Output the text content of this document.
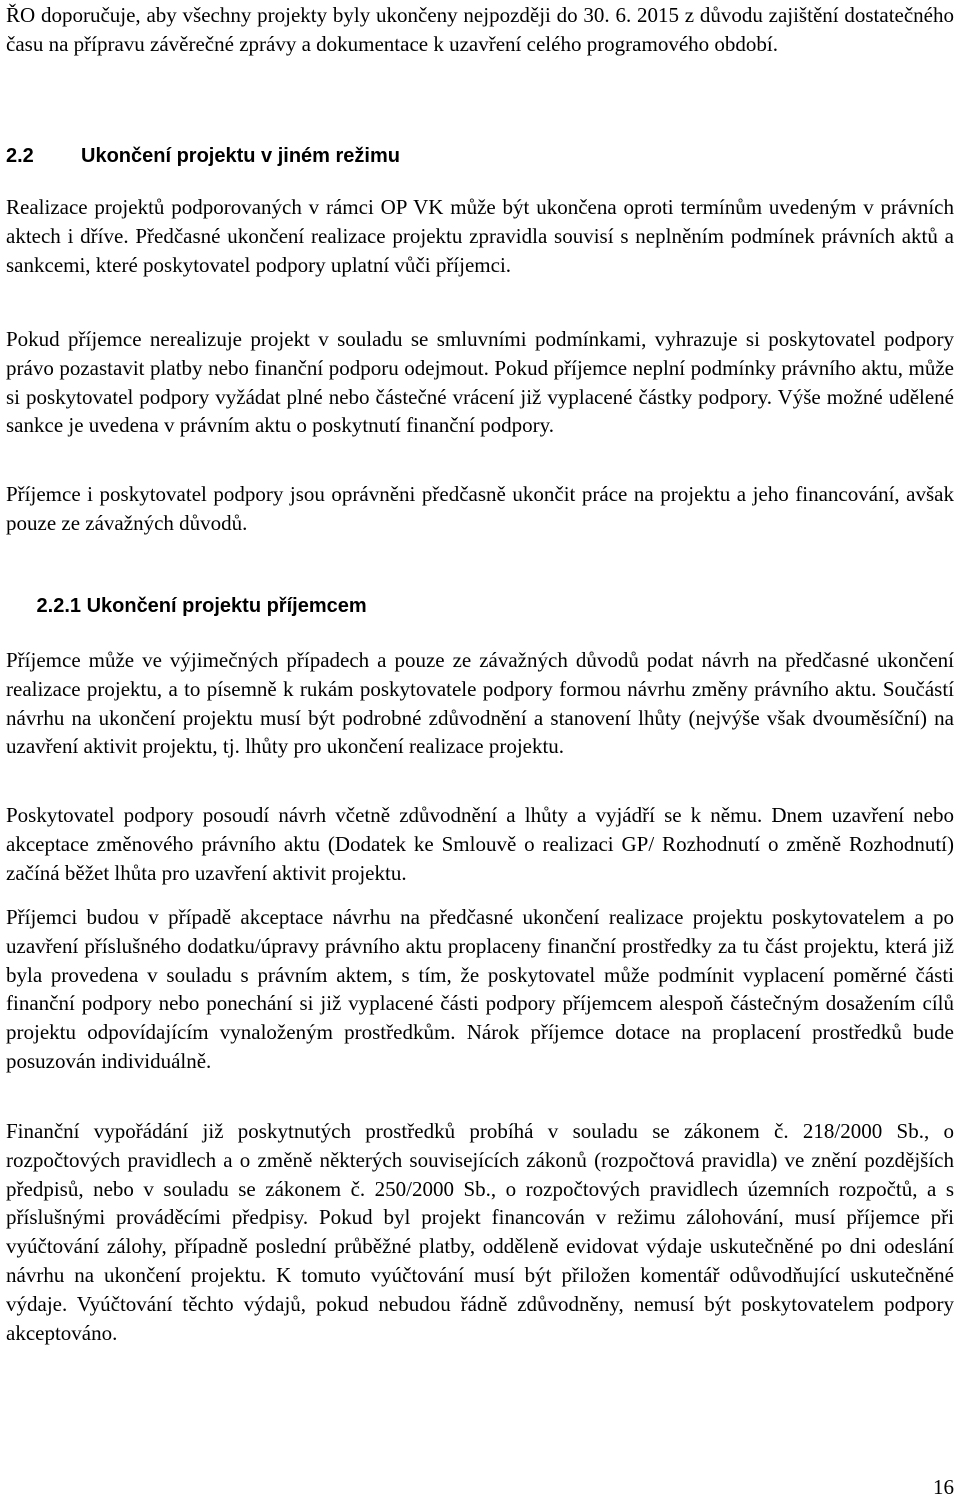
ŘO doporučuje, aby všechny projekty byly ukončeny nejpozději do 30. 6. 2015 z důvodu zajištění dostatečného času na přípravu závěrečné zprávy a dokumentace k uzavření celého programového období.

2.2 Ukončení projektu v jiném režimu

Realizace projektů podporovaných v rámci OP VK může být ukončena oproti termínům uvedeným v právních aktech i dříve. Předčasné ukončení realizace projektu zpravidla souvisí s neplněním podmínek právních aktů a sankcemi, které poskytovatel podpory uplatní vůči příjemci.

Pokud příjemce nerealizuje projekt v souladu se smluvními podmínkami, vyhrazuje si poskytovatel podpory právo pozastavit platby nebo finanční podporu odejmout. Pokud příjemce neplní podmínky právního aktu, může si poskytovatel podpory vyžádat plné nebo částečné vrácení již vyplacené částky podpory. Výše možné udělené sankce je uvedena v právním aktu o poskytnutí finanční podpory.

Příjemce i poskytovatel podpory jsou oprávněni předčasně ukončit práce na projektu a jeho financování, avšak pouze ze závažných důvodů.

2.2.1 Ukončení projektu příjemcem

Příjemce může ve výjimečných případech a pouze ze závažných důvodů podat návrh na předčasné ukončení realizace projektu, a to písemně k rukám poskytovatele podpory formou návrhu změny právního aktu. Součástí návrhu na ukončení projektu musí být podrobné zdůvodnění a stanovení lhůty (nejvýše však dvouměsíční) na uzavření aktivit projektu, tj. lhůty pro ukončení realizace projektu.

Poskytovatel podpory posoudí návrh včetně zdůvodnění a lhůty a vyjádří se k němu. Dnem uzavření nebo akceptace změnového právního aktu (Dodatek ke Smlouvě o realizaci GP/ Rozhodnutí o změně Rozhodnutí) začíná běžet lhůta pro uzavření aktivit projektu.

Příjemci budou v případě akceptace návrhu na předčasné ukončení realizace projektu poskytovatelem a po uzavření příslušného dodatku/úpravy právního aktu proplaceny finanční prostředky za tu část projektu, která již byla provedena v souladu s právním aktem, s tím, že poskytovatel může podmínit vyplacení poměrné části finanční podpory nebo ponechání si již vyplacené části podpory příjemcem alespoň částečným dosažením cílů projektu odpovídajícím vynaloženým prostředkům. Nárok příjemce dotace na proplacení prostředků bude posuzován individuálně.

Finanční vypořádání již poskytnutých prostředků probíhá v souladu se zákonem č. 218/2000 Sb., o rozpočtových pravidlech a o změně některých souvisejících zákonů (rozpočtová pravidla) ve znění pozdějších předpisů, nebo v souladu se zákonem č. 250/2000 Sb., o rozpočtových pravidlech územních rozpočtů, a s příslušnými prováděcími předpisy. Pokud byl projekt financován v režimu zálohování, musí příjemce při vyúčtování zálohy, případně poslední průběžné platby, odděleně evidovat výdaje uskutečněné po dni odeslání návrhu na ukončení projektu. K tomuto vyúčtování musí být přiložen komentář odůvodňující uskutečněné výdaje. Vyúčtování těchto výdajů, pokud nebudou řádně zdůvodněny, nemusí být poskytovatelem podpory akceptováno.

16
